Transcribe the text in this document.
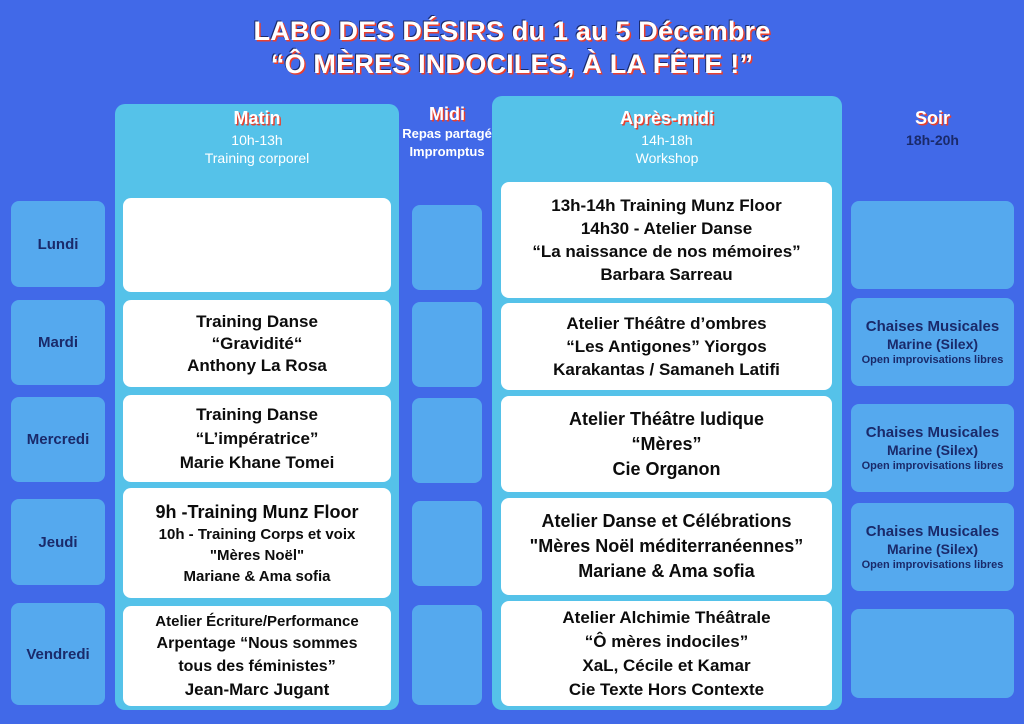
LABO DES DÉSIRS du 1 au 5 Décembre
“Ô MÈRES INDOCILES, À LA FÊTE !”
Matin
10h-13h
Training corporel
Midi
Repas partagé
Impromptus
Après-midi
14h-18h
Workshop
Soir
18h-20h
Lundi
Mardi
Mercredi
Jeudi
Vendredi
Training Danse
“Gravidité“
Anthony La Rosa
Training Danse
“L’impératrice”
Marie Khane Tomei
9h -Training Munz Floor
10h - Training Corps et voix
"Mères Noël"
Mariane & Ama sofia
Atelier Écriture/Performance
Arpentage “Nous sommes
tous des féministes”
Jean-Marc Jugant
13h-14h Training Munz Floor
14h30 - Atelier Danse
“La naissance de nos mémoires”
Barbara Sarreau
Atelier Théâtre d’ombres
“Les Antigones” Yiorgos
Karakantas / Samaneh Latifi
Atelier Théâtre ludique
“Mères”
Cie Organon
Atelier Danse et Célébrations
"Mères Noël méditerranéennes”
Mariane & Ama sofia
Atelier Alchimie Théâtrale
“Ô mères indociles”
XaL, Cécile et Kamar
Cie Texte Hors Contexte
Chaises Musicales
Marine (Silex)
Open improvisations libres
Chaises Musicales
Marine (Silex)
Open improvisations libres
Chaises Musicales
Marine (Silex)
Open improvisations libres
